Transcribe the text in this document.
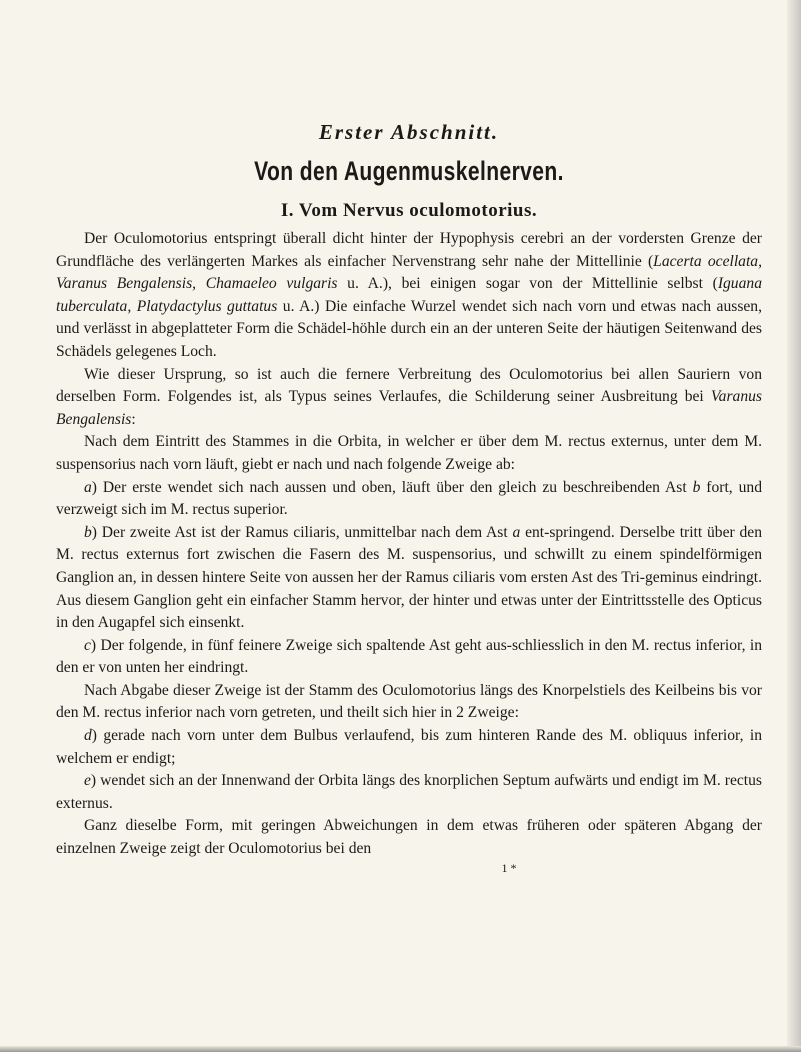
Erster Abschnitt.
Von den Augenmuskelnerven.
I. Vom Nervus oculomotorius.

Der Oculomotorius entspringt überall dicht hinter der Hypophysis cerebri an der vordersten Grenze der Grundfläche des verlängerten Markes als einfacher Nervenstrang sehr nahe der Mittellinie (Lacerta ocellata, Varanus Bengalensis, Chamaeleo vulgaris u. A.), bei einigen sogar von der Mittellinie selbst (Iguana tuberculata, Platydactylus guttatus u. A.) Die einfache Wurzel wendet sich nach vorn und etwas nach aussen, und verlässt in abgeplatteter Form die Schädel-höhle durch ein an der unteren Seite der häutigen Seitenwand des Schädels gelegenes Loch.

Wie dieser Ursprung, so ist auch die fernere Verbreitung des Oculomotorius bei allen Sauriern von derselben Form. Folgendes ist, als Typus seines Verlaufes, die Schilderung seiner Ausbreitung bei Varanus Bengalensis:

Nach dem Eintritt des Stammes in die Orbita, in welcher er über dem M. rectus externus, unter dem M. suspensorius nach vorn läuft, giebt er nach und nach folgende Zweige ab:

a) Der erste wendet sich nach aussen und oben, läuft über den gleich zu beschreibenden Ast b fort, und verzweigt sich im M. rectus superior.

b) Der zweite Ast ist der Ramus ciliaris, unmittelbar nach dem Ast a ent-springend. Derselbe tritt über den M. rectus externus fort zwischen die Fasern des M. suspensorius, und schwillt zu einem spindelförmigen Ganglion an, in dessen hintere Seite von aussen her der Ramus ciliaris vom ersten Ast des Tri-geminus eindringt. Aus diesem Ganglion geht ein einfacher Stamm hervor, der hinter und etwas unter der Eintrittsstelle des Opticus in den Augapfel sich einsenkt.

c) Der folgende, in fünf feinere Zweige sich spaltende Ast geht aus-schliesslich in den M. rectus inferior, in den er von unten her eindringt.

Nach Abgabe dieser Zweige ist der Stamm des Oculomotorius längs des Knorpelstiels des Keilbeins bis vor den M. rectus inferior nach vorn getreten, und theilt sich hier in 2 Zweige:

d) gerade nach vorn unter dem Bulbus verlaufend, bis zum hinteren Rande des M. obliquus inferior, in welchem er endigt;

e) wendet sich an der Innenwand der Orbita längs des knorplichen Septum aufwärts und endigt im M. rectus externus.

Ganz dieselbe Form, mit geringen Abweichungen in dem etwas früheren oder späteren Abgang der einzelnen Zweige zeigt der Oculomotorius bei den

1 *
